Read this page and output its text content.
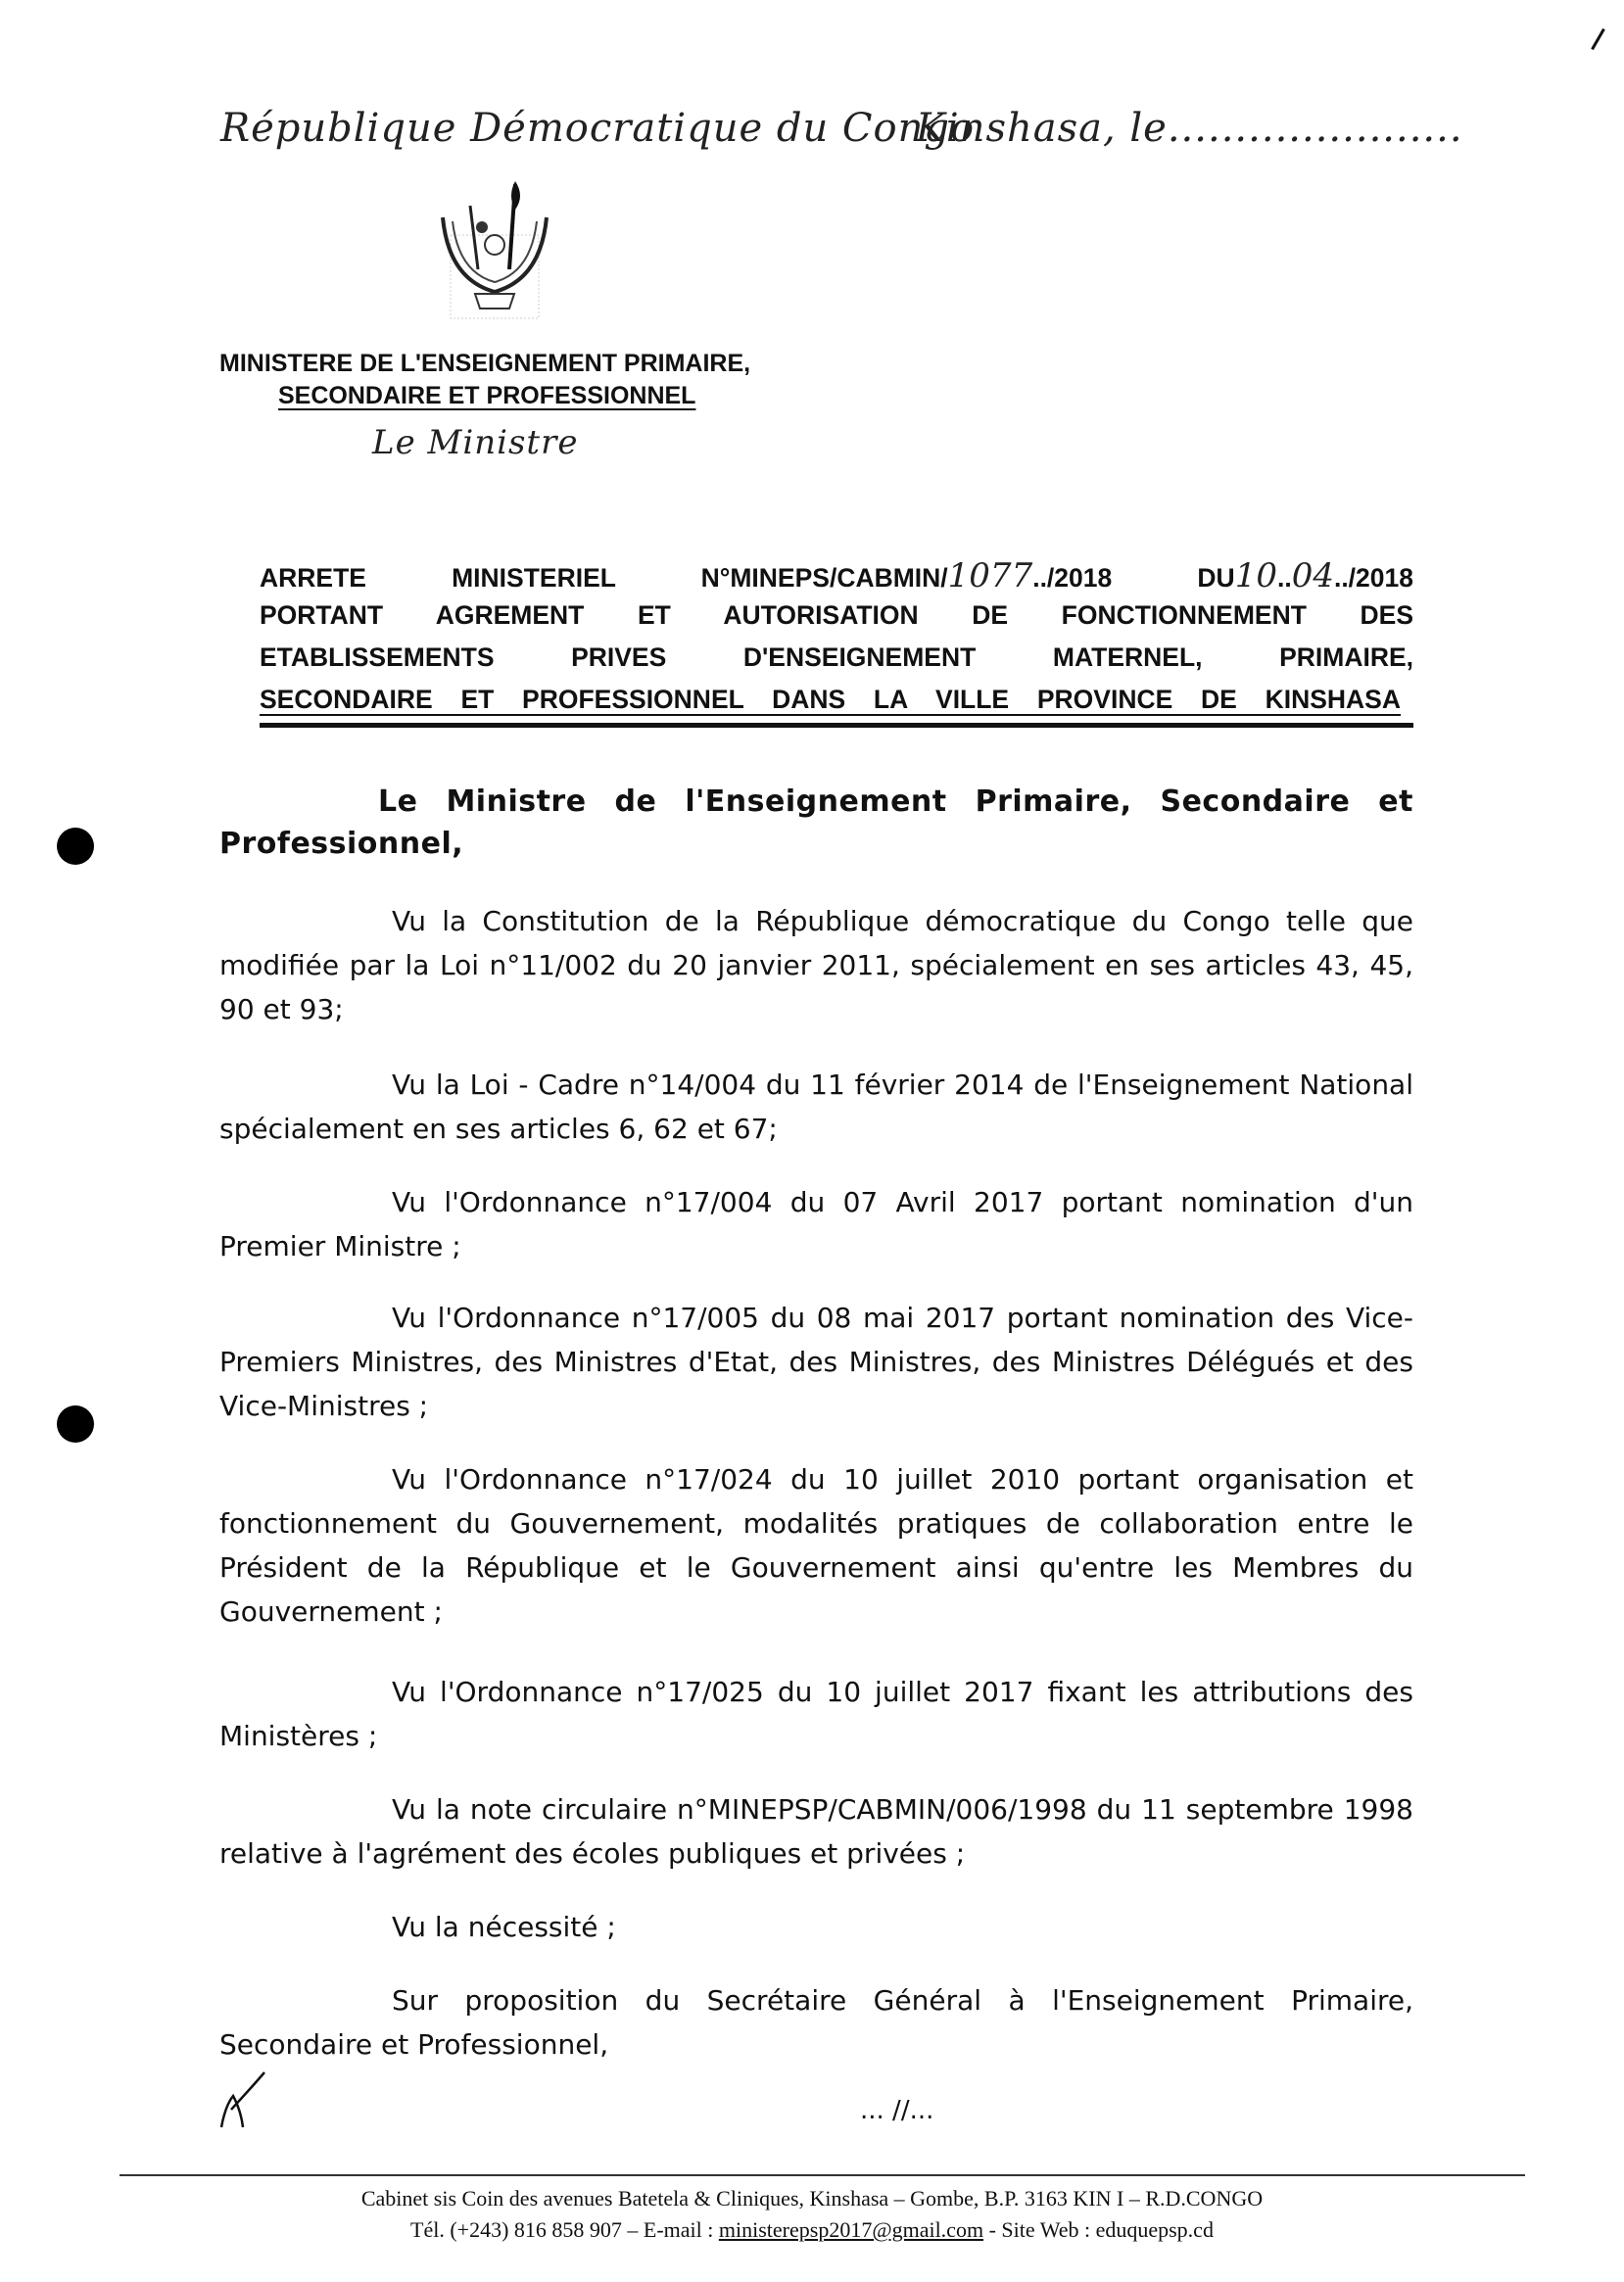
République Démocratique du Congo
Kinshasa, le......................
MINISTERE DE L'ENSEIGNEMENT PRIMAIRE,
SECONDAIRE ET PROFESSIONNEL
Le Ministre
ARRETE MINISTERIEL N°MINEPS/CABMIN/1077../2018 DU10..04../2018
PORTANT AGREMENT ET AUTORISATION DE FONCTIONNEMENT DES
ETABLISSEMENTS PRIVES D'ENSEIGNEMENT MATERNEL, PRIMAIRE,
SECONDAIRE ET PROFESSIONNEL DANS LA VILLE PROVINCE DE KINSHASA

Le Ministre de l'Enseignement Primaire, Secondaire et Professionnel,

Vu la Constitution de la République démocratique du Congo telle que modifiée par la Loi n°11/002 du 20 janvier 2011, spécialement en ses articles 43, 45, 90 et 93;

Vu la Loi - Cadre n°14/004 du 11 février 2014 de l'Enseignement National spécialement en ses articles 6, 62 et 67;

Vu l'Ordonnance n°17/004 du 07 Avril 2017 portant nomination d'un Premier Ministre ;

Vu l'Ordonnance n°17/005 du 08 mai 2017 portant nomination des Vice-Premiers Ministres, des Ministres d'Etat, des Ministres, des Ministres Délégués et des Vice-Ministres ;

Vu l'Ordonnance n°17/024 du 10 juillet 2010 portant organisation et fonctionnement du Gouvernement, modalités pratiques de collaboration entre le Président de la République et le Gouvernement ainsi qu'entre les Membres du Gouvernement ;

Vu l'Ordonnance n°17/025 du 10 juillet 2017 fixant les attributions des Ministères ;

Vu la note circulaire n°MINEPSP/CABMIN/006/1998 du 11 septembre 1998 relative à l'agrément des écoles publiques et privées ;

Vu la nécessité ;

Sur proposition du Secrétaire Général à l'Enseignement Primaire, Secondaire et Professionnel,

... //...
Cabinet sis Coin des avenues Batetela & Cliniques, Kinshasa – Gombe, B.P. 3163 KIN I – R.D.CONGO
Tél. (+243) 816 858 907 – E-mail : ministerepsp2017@gmail.com - Site Web : eduquepsp.cd
